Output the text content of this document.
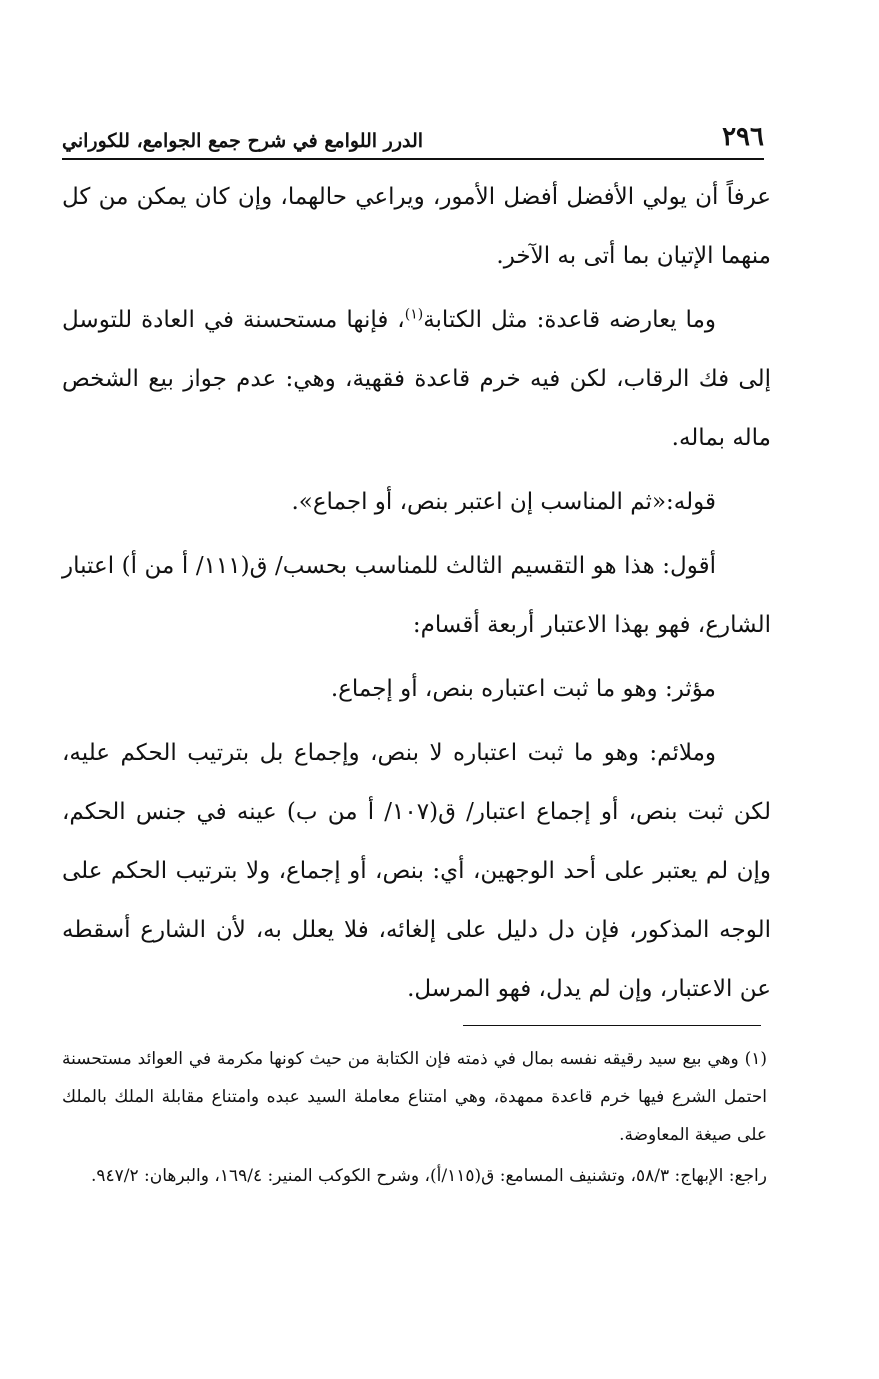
٢٩٦
الدرر اللوامع في شرح جمع الجوامع، للكوراني

عرفاً أن يولي الأفضل أفضل الأمور، ويراعي حالهما، وإن كان يمكن من كل منهما الإتيان بما أتى به الآخر.

وما يعارضه قاعدة: مثل الكتابة$^{(١)}$، فإنها مستحسنة في العادة للتوسل إلى فك الرقاب، لكن فيه خرم قاعدة فقهية، وهي: عدم جواز بيع الشخص ماله بماله.

قوله:«ثم المناسب إن اعتبر بنص، أو اجماع».

أقول: هذا هو التقسيم الثالث للمناسب بحسب/ ق(١١١/ أ من أ) اعتبار الشارع، فهو بهذا الاعتبار أربعة أقسام:

مؤثر: وهو ما ثبت اعتباره بنص، أو إجماع.

وملائم: وهو ما ثبت اعتباره لا بنص، وإجماع بل بترتيب الحكم عليه، لكن ثبت بنص، أو إجماع اعتبار/ ق(١٠٧/ أ من ب) عينه في جنس الحكم، وإن لم يعتبر على أحد الوجهين، أي: بنص، أو إجماع، ولا بترتيب الحكم على الوجه المذكور، فإن دل دليل على إلغائه، فلا يعلل به، لأن الشارع أسقطه عن الاعتبار، وإن لم يدل، فهو المرسل.

(١) وهي بيع سيد رقيقه نفسه بمال في ذمته فإن الكتابة من حيث كونها مكرمة في العوائد مستحسنة احتمل الشرع فيها خرم قاعدة ممهدة، وهي امتناع معاملة السيد عبده وامتناع مقابلة الملك بالملك على صيغة المعاوضة.

راجع: الإبهاج: ٥٨/٣، وتشنيف المسامع: ق(١١٥/أ)، وشرح الكوكب المنير: ١٦٩/٤، والبرهان: ٩٤٧/٢.
